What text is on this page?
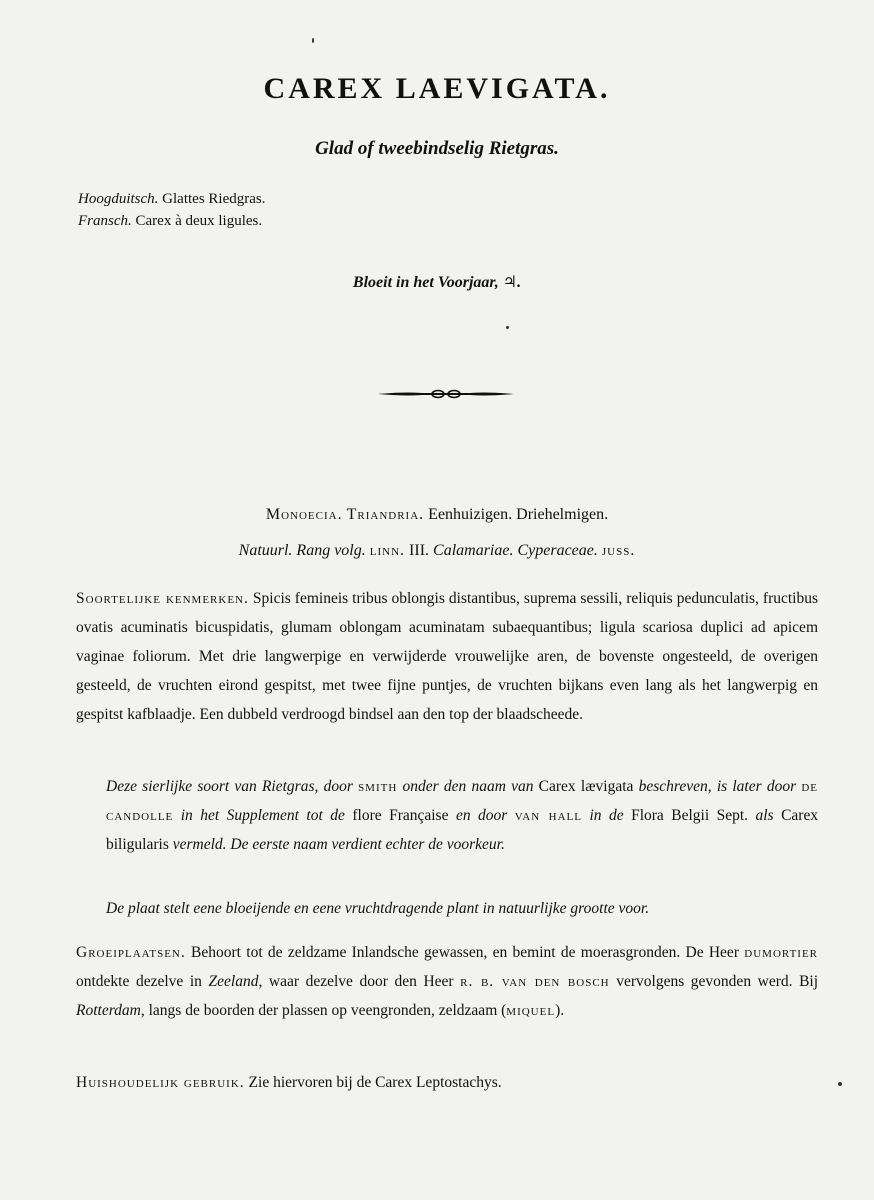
CAREX LAEVIGATA.
Glad of tweebindselig Rietgras.
Hoogduitsch. Glattes Riedgras.
Fransch. Carex à deux ligules.
Bloeit in het Voorjaar, ♃.
Monoecia. Triandria. Eenhuizigen. Driehelmigen.
Natuurl. Rang volg. linn. III. Calamariae. Cyperaceae. juss.
Soortelijke kenmerken. Spicis femineis tribus oblongis distantibus, suprema sessili, reliquis pedunculatis, fructibus ovatis acuminatis bicuspidatis, glumam oblongam acuminatam subaequantibus; ligula scariosa duplici ad apicem vaginae foliorum. Met drie langwerpige en verwijderde vrouwelijke aren, de bovenste ongesteeld, de overigen gesteeld, de vruchten eirond gespitst, met twee fijne puntjes, de vruchten bijkans even lang als het langwerpig en gespitst kafblaadje. Een dubbeld verdroogd bindsel aan den top der blaadscheede.
Deze sierlijke soort van Rietgras, door smith onder den naam van Carex lævigata beschreven, is later door de candolle in het Supplement tot de flore Française en door van hall in de Flora Belgii Sept. als Carex biligularis vermeld. De eerste naam verdient echter de voorkeur.
De plaat stelt eene bloeijende en eene vruchtdragende plant in natuurlijke grootte voor.
Groeiplaatsen. Behoort tot de zeldzame Inlandsche gewassen, en bemint de moerasgronden. De Heer dumortier ontdekte dezelve in Zeeland, waar dezelve door den Heer r. b. van den bosch vervolgens gevonden werd. Bij Rotterdam, langs de boorden der plassen op veengronden, zeldzaam (miquel).
Huishoudelijk gebruik. Zie hiervoren bij de Carex Leptostachys.
